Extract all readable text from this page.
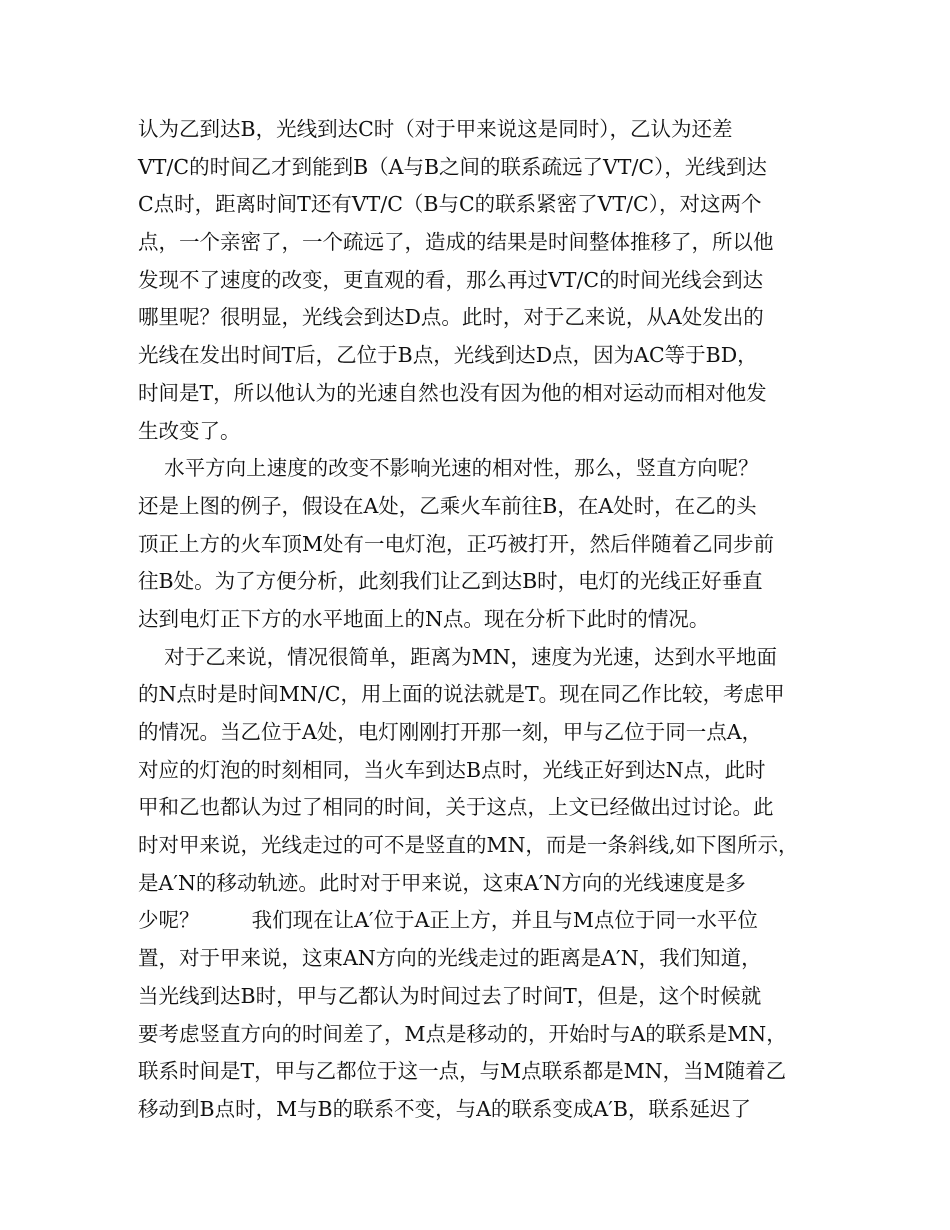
认为乙到达B，光线到达C时（对于甲来说这是同时），乙认为还差
VT/C的时间乙才到能到B（A与B之间的联系疏远了VT/C），光线到达
C点时，距离时间T还有VT/C（B与C的联系紧密了VT/C），对这两个
点，一个亲密了，一个疏远了，造成的结果是时间整体推移了，所以他
发现不了速度的改变，更直观的看，那么再过VT/C的时间光线会到达
哪里呢？很明显，光线会到达D点。此时，对于乙来说，从A处发出的
光线在发出时间T后，乙位于B点，光线到达D点，因为AC等于BD，
时间是T，所以他认为的光速自然也没有因为他的相对运动而相对他发
生改变了。
水平方向上速度的改变不影响光速的相对性，那么，竖直方向呢？
还是上图的例子，假设在A处，乙乘火车前往B，在A处时，在乙的头
顶正上方的火车顶M处有一电灯泡，正巧被打开，然后伴随着乙同步前
往B处。为了方便分析，此刻我们让乙到达B时，电灯的光线正好垂直
达到电灯正下方的水平地面上的N点。现在分析下此时的情况。
对于乙来说，情况很简单，距离为MN，速度为光速，达到水平地面
的N点时是时间MN/C，用上面的说法就是T。现在同乙作比较，考虑甲
的情况。当乙位于A处，电灯刚刚打开那一刻，甲与乙位于同一点A，
对应的灯泡的时刻相同，当火车到达B点时，光线正好到达N点，此时
甲和乙也都认为过了相同的时间，关于这点，上文已经做出过讨论。此
时对甲来说，光线走过的可不是竖直的MN，而是一条斜线,如下图所示，
是A′N的移动轨迹。此时对于甲来说，这束A′N方向的光线速度是多
少呢？        我们现在让A′位于A正上方，并且与M点位于同一水平位
置，对于甲来说，这束AN方向的光线走过的距离是A′N，我们知道，
当光线到达B时，甲与乙都认为时间过去了时间T，但是，这个时候就
要考虑竖直方向的时间差了，M点是移动的，开始时与A的联系是MN，
联系时间是T，甲与乙都位于这一点，与M点联系都是MN，当M随着乙
移动到B点时，M与B的联系不变，与A的联系变成A′B，联系延迟了
